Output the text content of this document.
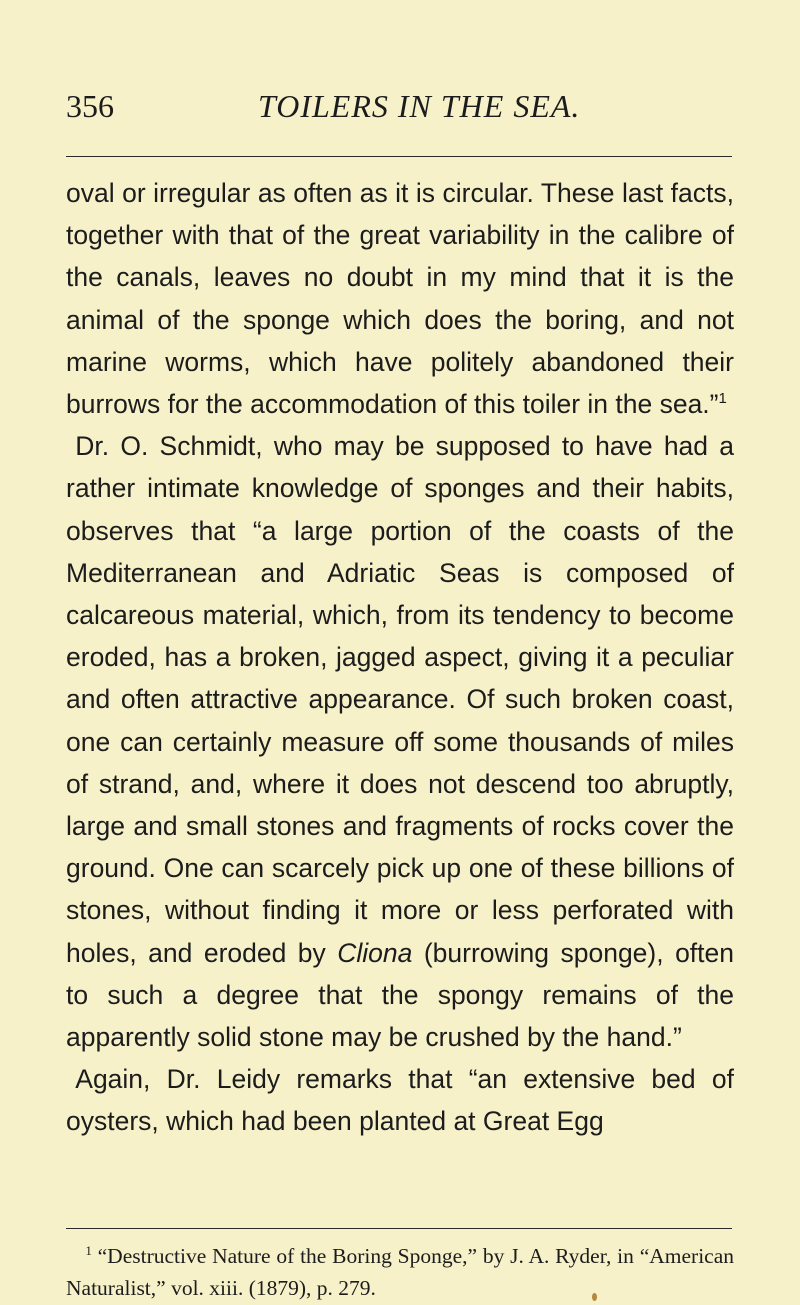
356	TOILERS IN THE SEA.

oval or irregular as often as it is circular. These last facts, together with that of the great variability in the calibre of the canals, leaves no doubt in my mind that it is the animal of the sponge which does the boring, and not marine worms, which have politely abandoned their burrows for the accommodation of this toiler in the sea.”$^1$

Dr. O. Schmidt, who may be supposed to have had a rather intimate knowledge of sponges and their habits, observes that “a large portion of the coasts of the Mediterranean and Adriatic Seas is composed of calcareous material, which, from its tendency to become eroded, has a broken, jagged aspect, giving it a peculiar and often attractive appearance. Of such broken coast, one can certainly measure off some thousands of miles of strand, and, where it does not descend too abruptly, large and small stones and fragments of rocks cover the ground. One can scarcely pick up one of these billions of stones, without finding it more or less perforated with holes, and eroded by Cliona (burrowing sponge), often to such a degree that the spongy remains of the apparently solid stone may be crushed by the hand.”

Again, Dr. Leidy remarks that “an extensive bed of oysters, which had been planted at Great Egg

$^1$ “Destructive Nature of the Boring Sponge,” by J. A. Ryder, in “American Naturalist,” vol. xiii. (1879), p. 279.
